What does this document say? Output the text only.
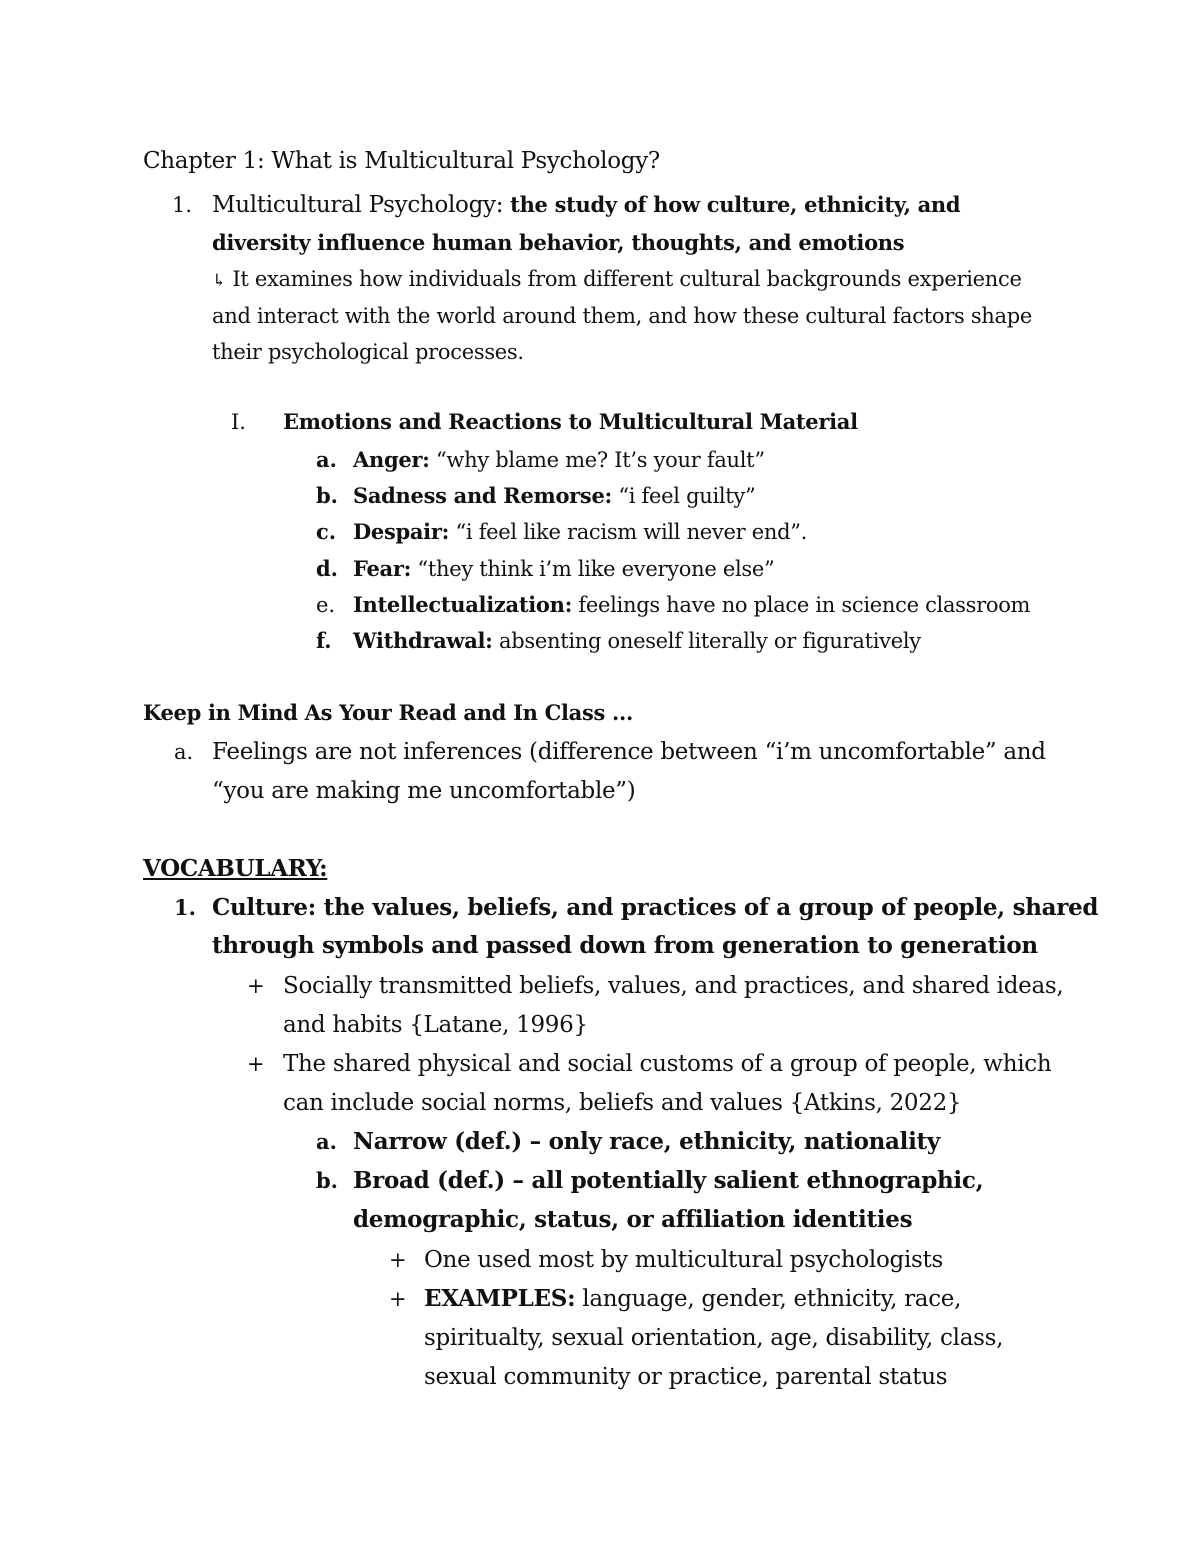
Chapter 1: What is Multicultural Psychology?
1. Multicultural Psychology: the study of how culture, ethnicity, and
diversity influence human behavior, thoughts, and emotions
↳ It examines how individuals from different cultural backgrounds experience
and interact with the world around them, and how these cultural factors shape
their psychological processes.
I. Emotions and Reactions to Multicultural Material
a. Anger: “why blame me? It’s your fault”
b. Sadness and Remorse: “i feel guilty”
c. Despair: “i feel like racism will never end”.
d. Fear: “they think i’m like everyone else”
e. Intellectualization: feelings have no place in science classroom
f. Withdrawal: absenting oneself literally or figuratively
Keep in Mind As Your Read and In Class ...
a. Feelings are not inferences (difference between “i’m uncomfortable” and
“you are making me uncomfortable”)
VOCABULARY:
1. Culture: the values, beliefs, and practices of a group of people, shared
through symbols and passed down from generation to generation
+ Socially transmitted beliefs, values, and practices, and shared ideas,
and habits {Latane, 1996}
+ The shared physical and social customs of a group of people, which
can include social norms, beliefs and values {Atkins, 2022}
a. Narrow (def.) – only race, ethnicity, nationality
b. Broad (def.) – all potentially salient ethnographic,
demographic, status, or affiliation identities
+ One used most by multicultural psychologists
+ EXAMPLES: language, gender, ethnicity, race,
spiritualty, sexual orientation, age, disability, class,
sexual community or practice, parental status
